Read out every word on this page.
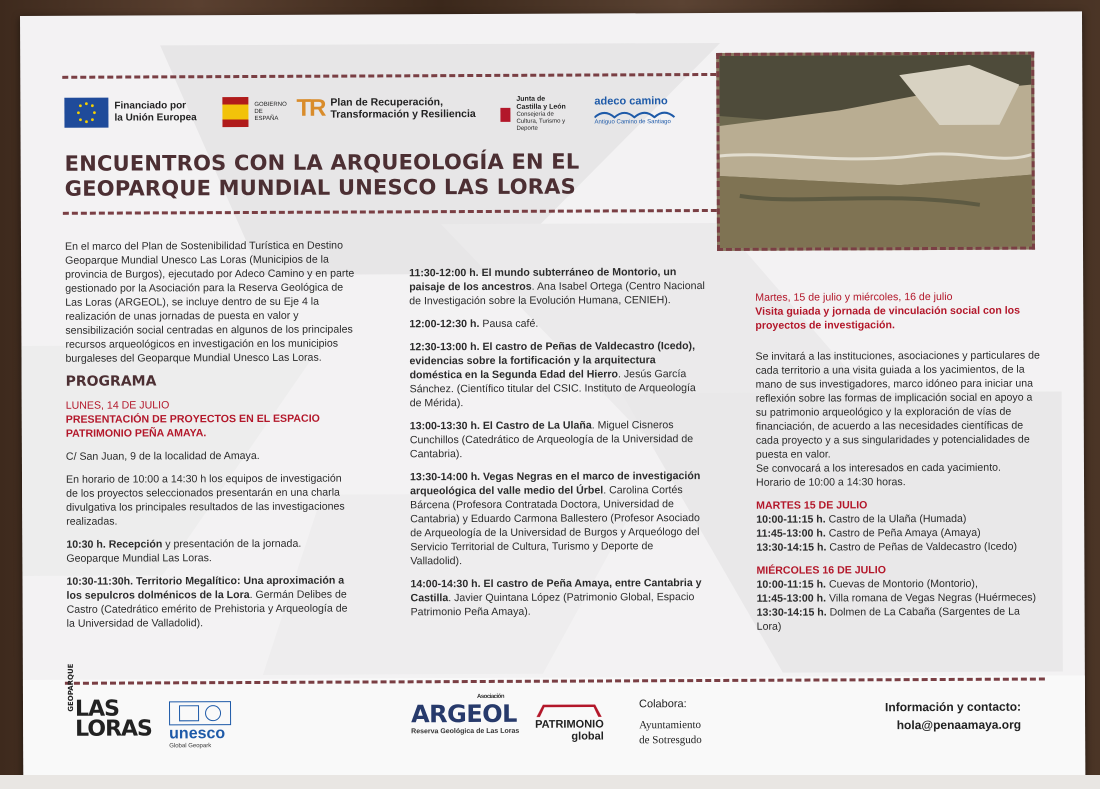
Financiado por
la Unión Europea
GOBIERNO DE ESPAÑA TR Plan de Recuperación,
Transformación y Resiliencia
Junta de
Castilla y León
Consejería de Cultura, Turismo y Deporte
adeco camino
Antiguo Camino de Santiago
ENCUENTROS CON LA ARQUEOLOGÍA EN EL
GEOPARQUE MUNDIAL UNESCO LAS LORAS

En el marco del Plan de Sostenibilidad Turística en Destino Geoparque Mundial Unesco Las Loras (Municipios de la provincia de Burgos), ejecutado por Adeco Camino y en parte gestionado por la Asociación para la Reserva Geológica de Las Loras (ARGEOL), se incluye dentro de su Eje 4 la realización de unas jornadas de puesta en valor y sensibilización social centradas en algunos de los principales recursos arqueológicos en investigación en los municipios burgaleses del Geoparque Mundial Unesco Las Loras.

PROGRAMA
LUNES, 14 DE JULIO

PRESENTACIÓN DE PROYECTOS EN EL ESPACIO PATRIMONIO PEÑA AMAYA.

C/ San Juan, 9 de la localidad de Amaya.

En horario de 10:00 a 14:30 h los equipos de investigación de los proyectos seleccionados presentarán en una charla divulgativa los principales resultados de las investigaciones realizadas.

10:30 h. Recepción y presentación de la jornada. Geoparque Mundial Las Loras.

10:30-11:30h. Territorio Megalítico: Una aproximación a los sepulcros dolménicos de la Lora. Germán Delibes de Castro (Catedrático emérito de Prehistoria y Arqueología de la Universidad de Valladolid).

11:30-12:00 h. El mundo subterráneo de Montorio, un paisaje de los ancestros. Ana Isabel Ortega (Centro Nacional de Investigación sobre la Evolución Humana, CENIEH).

12:00-12:30 h. Pausa café.

12:30-13:00 h. El castro de Peñas de Valdecastro (Icedo), evidencias sobre la fortificación y la arquitectura doméstica en la Segunda Edad del Hierro. Jesús García Sánchez. (Científico titular del CSIC. Instituto de Arqueología de Mérida).

13:00-13:30 h. El Castro de La Ulaña. Miguel Cisneros Cunchillos (Catedrático de Arqueología de la Universidad de Cantabria).

13:30-14:00 h. Vegas Negras en el marco de investigación arqueológica del valle medio del Úrbel. Carolina Cortés Bárcena (Profesora Contratada Doctora, Universidad de Cantabria) y Eduardo Carmona Ballestero (Profesor Asociado de Arqueología de la Universidad de Burgos y Arqueólogo del Servicio Territorial de Cultura, Turismo y Deporte de Valladolid).

14:00-14:30 h. El castro de Peña Amaya, entre Cantabria y Castilla. Javier Quintana López (Patrimonio Global, Espacio Patrimonio Peña Amaya).

Martes, 15 de julio y miércoles, 16 de julio

Visita guiada y jornada de vinculación social con los proyectos de investigación.

Se invitará a las instituciones, asociaciones y particulares de cada territorio a una visita guiada a los yacimientos, de la mano de sus investigadores, marco idóneo para iniciar una reflexión sobre las formas de implicación social en apoyo a su patrimonio arqueológico y la exploración de vías de financiación, de acuerdo a las necesidades científicas de cada proyecto y a sus singularidades y potencialidades de puesta en valor.
Se convocará a los interesados en cada yacimiento.

Horario de 10:00 a 14:30 horas.

MARTES 15 DE JULIO

10:00-11:15 h. Castro de la Ulaña (Humada)
11:45-13:00 h. Castro de Peña Amaya (Amaya)
13:30-14:15 h. Castro de Peñas de Valdecastro (Icedo)

MIÉRCOLES 16 DE JULIO

10:00-11:15 h. Cuevas de Montorio (Montorio),
11:45-13:00 h. Villa romana de Vegas Negras (Huérmeces)
13:30-14:15 h. Dolmen de La Cabaña (Sargentes de La Lora)

GEOPARQUE LAS
LORAS unesco
Global Geopark
Asociación
ARGEOL
Reserva Geológica de Las Loras
PATRIMONIO
global
Colabora:
Ayuntamiento
de Sotresgudo
Información y contacto:
hola@penaamaya.org
